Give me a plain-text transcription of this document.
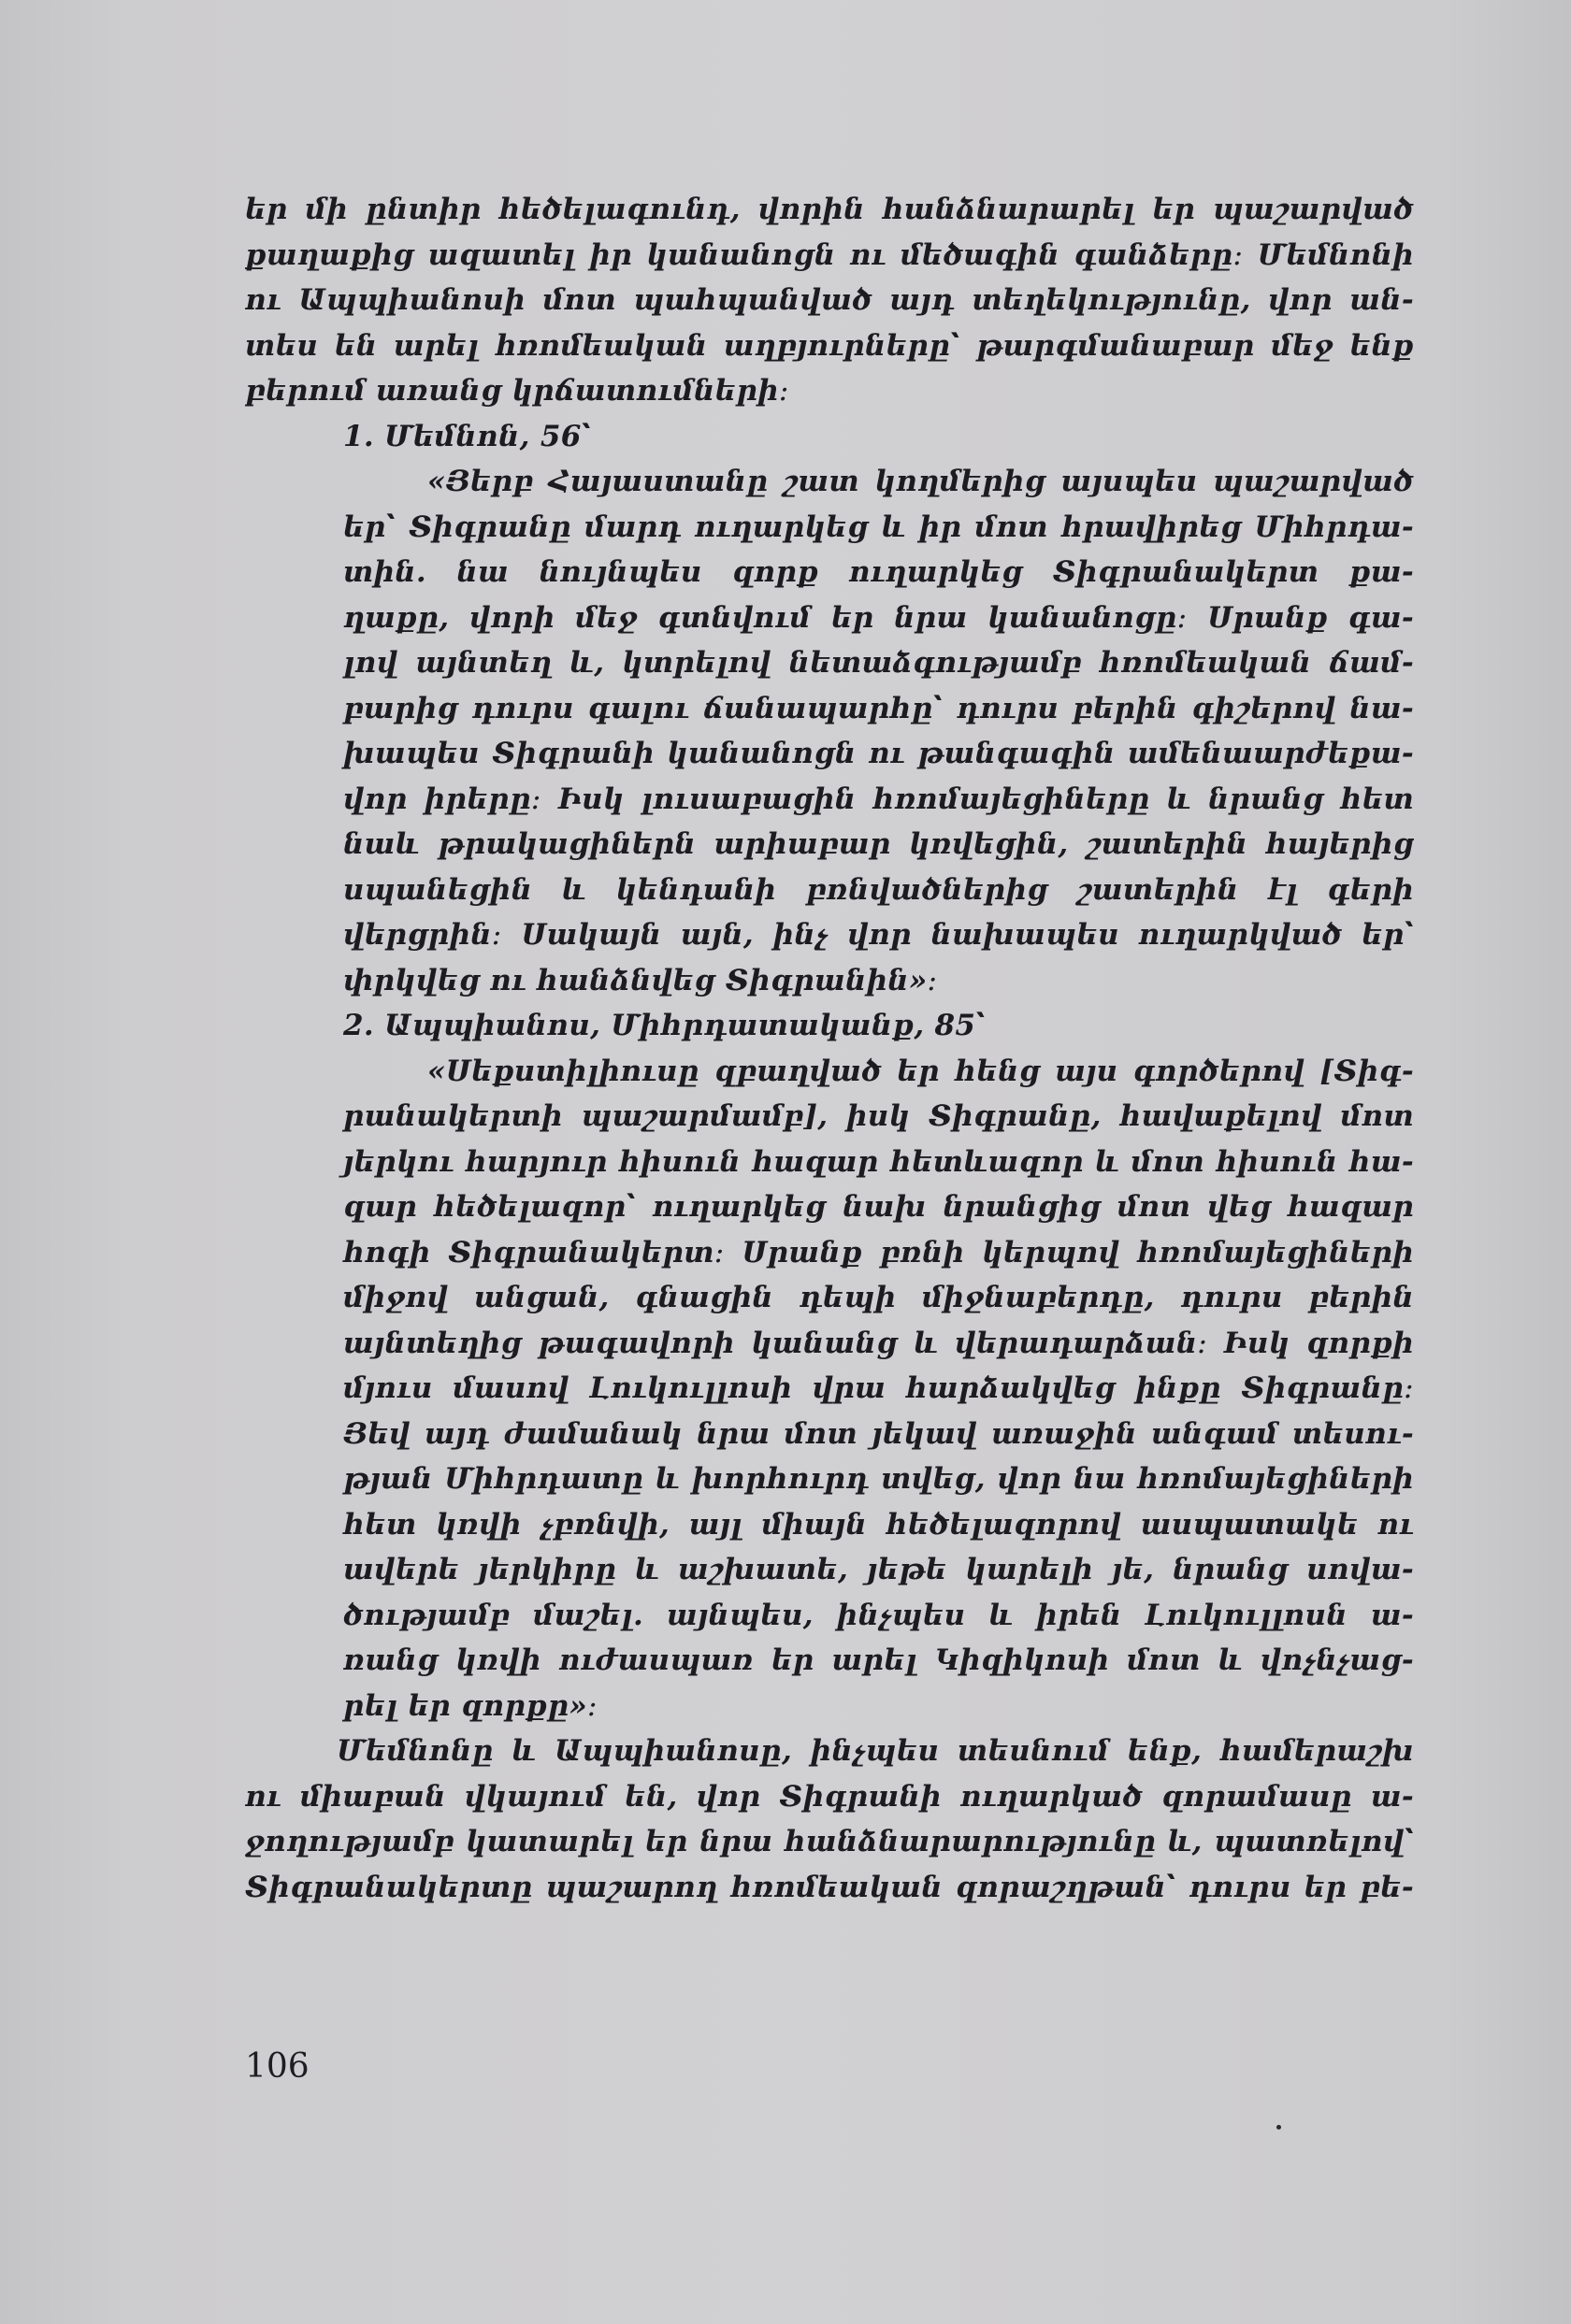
եր մի ընտիր հեծելագունդ, վորին հանձնարարել եր պաշարված
քաղաքից ազատել իր կանանոցն ու մեծագին գանձերը։ Մեմնոնի
ու Ապպիանոսի մոտ պահպանված այդ տեղեկությունը, վոր ան-
տես են արել հռոմեական աղբյուրները՝ թարգմանաբար մեջ ենք
բերում առանց կրճատումների։
1. Մեմնոն, 56՝
«Յերբ Հայաստանը շատ կողմերից այսպես պաշարված
եր՝ Տիգրանը մարդ ուղարկեց և իր մոտ հրավիրեց Միհրդա-
տին. նա նույնպես զորք ուղարկեց Տիգրանակերտ քա-
ղաքը, վորի մեջ գտնվում եր նրա կանանոցը։ Սրանք գա-
լով այնտեղ և, կտրելով նետաձգությամբ հռոմեական ճամ-
բարից դուրս գալու ճանապարհը՝ դուրս բերին գիշերով նա-
խապես Տիգրանի կանանոցն ու թանգագին ամենաարժեքա-
վոր իրերը։ Իսկ լուսաբացին հռոմայեցիները և նրանց հետ
նաև թրակացիներն արիաբար կռվեցին, շատերին հայերից
սպանեցին և կենդանի բռնվածներից շատերին էլ գերի
վերցրին։ Սակայն այն, ինչ վոր նախապես ուղարկված եր՝
փրկվեց ու հանձնվեց Տիգրանին»։
2. Ապպիանոս, Միհրդատականք, 85՝
«Սեքստիլիուսը զբաղված եր հենց այս գործերով [Տիգ-
րանակերտի պաշարմամբ], իսկ Տիգրանը, հավաքելով մոտ
յերկու հարյուր հիսուն հազար հետևազոր և մոտ հիսուն հա-
զար հեծելազոր՝ ուղարկեց նախ նրանցից մոտ վեց հազար
հոգի Տիգրանակերտ։ Սրանք բռնի կերպով հռոմայեցիների
միջով անցան, գնացին դեպի միջնաբերդը, դուրս բերին
այնտեղից թագավորի կանանց և վերադարձան։ Իսկ զորքի
մյուս մասով Լուկուլլոսի վրա հարձակվեց ինքը Տիգրանը։
Յեվ այդ ժամանակ նրա մոտ յեկավ առաջին անգամ տեսու-
թյան Միհրդատը և խորհուրդ տվեց, վոր նա հռոմայեցիների
հետ կռվի չբռնվի, այլ միայն հեծելազորով ասպատակե ու
ավերե յերկիրը և աշխատե, յեթե կարելի յե, նրանց սովա-
ծությամբ մաշել. այնպես, ինչպես և իրեն Լուկուլլոսն ա-
ռանց կռվի ուժասպառ եր արել Կիզիկոսի մոտ և վոչնչաց-
րել եր զորքը»։
Մեմնոնը և Ապպիանոսը, ինչպես տեսնում ենք, համերաշխ
ու միաբան վկայում են, վոր Տիգրանի ուղարկած զորամասը ա-
ջողությամբ կատարել եր նրա հանձնարարությունը և, պատռելով՝
Տիգրանակերտը պաշարող հռոմեական զորաշղթան՝ դուրս եր բե-
106
